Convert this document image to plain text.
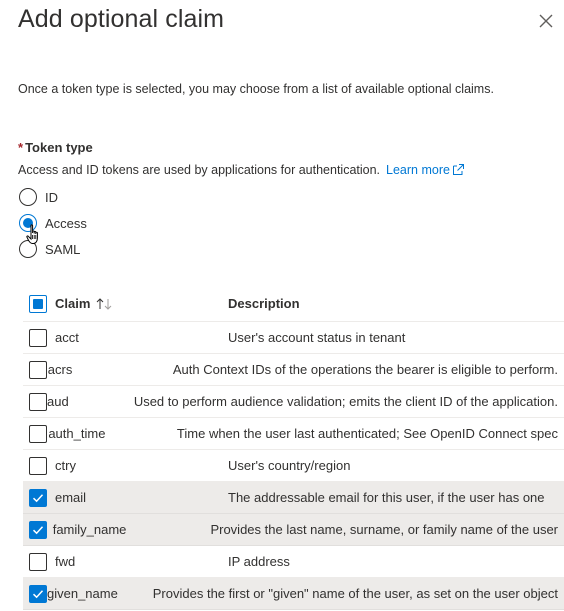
Add optional claim

Once a token type is selected, you may choose from a list of available optional claims.

* Token type
Access and ID tokens are used by applications for authentication. Learn more
ID
Access
SAML
Claim	Description
acct	User's account status in tenant
acrs	Auth Context IDs of the operations the bearer is eligible to perform.
aud	Used to perform audience validation; emits the client ID of the application.
auth_time	Time when the user last authenticated; See OpenID Connect spec
ctry	User's country/region
email	The addressable email for this user, if the user has one
family_name	Provides the last name, surname, or family name of the user
fwd	IP address
given_name	Provides the first or "given" name of the user, as set on the user object
